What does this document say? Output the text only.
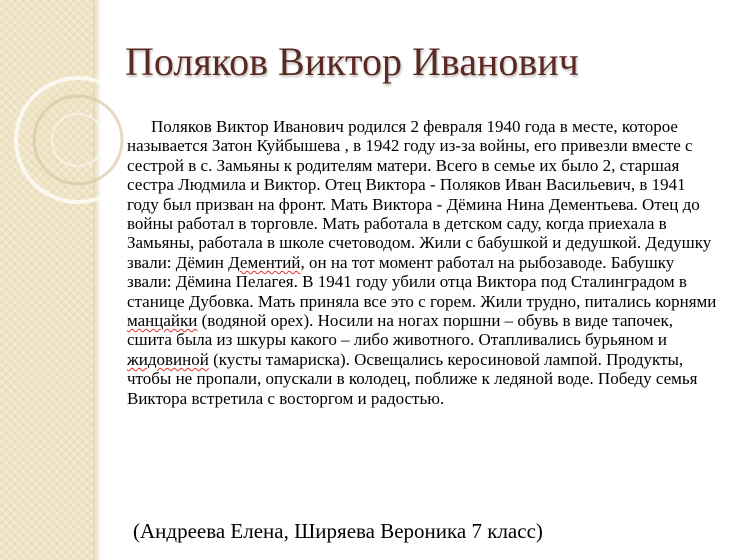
Поляков Виктор Иванович

Поляков Виктор Иванович родился 2 февраля 1940 года в месте, которое называется Затон Куйбышева , в 1942 году из-за войны, его привезли вместе с сестрой в с. Замьяны к родителям матери. Всего в семье их было 2, старшая сестра Людмила и Виктор. Отец Виктора - Поляков Иван Васильевич, в 1941 году был призван на фронт. Мать Виктора - Дёмина Нина Дементьева. Отец до войны работал в торговле. Мать работала в детском саду, когда приехала в Замьяны, работала в школе счетоводом. Жили с бабушкой и дедушкой. Дедушку звали: Дёмин Дементий, он на тот момент работал на рыбозаводе. Бабушку звали: Дёмина Пелагея. В 1941 году убили отца Виктора под Сталинградом в станице Дубовка. Мать приняла все это с горем. Жили трудно, питались корнями манцайки (водяной орех). Носили на ногах поршни – обувь в виде тапочек, сшита была из шкуры какого – либо животного. Отапливались бурьяном и жидовиной (кусты тамариска). Освещались керосиновой лампой. Продукты, чтобы не пропали, опускали в колодец, поближе к ледяной воде. Победу семья Виктора встретила с восторгом и радостью.

(Андреева Елена, Ширяева Вероника 7 класс)
